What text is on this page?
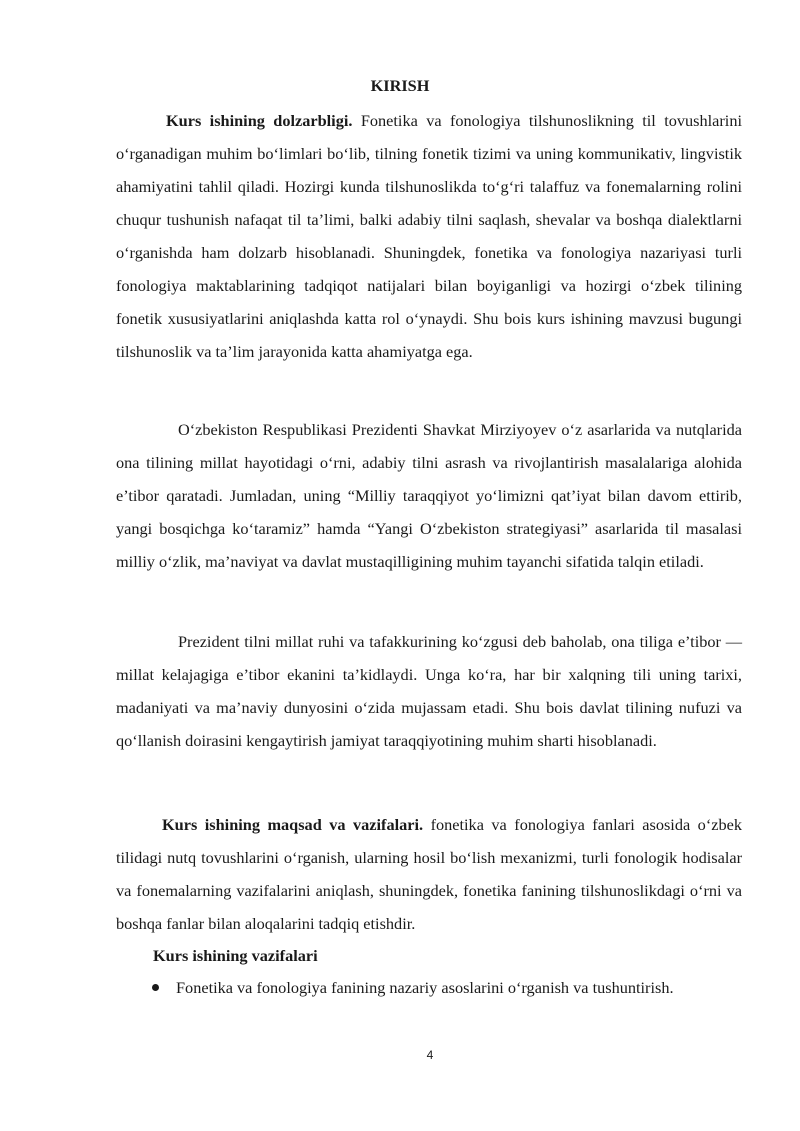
KIRISH

Kurs ishining dolzarbligi. Fonetika va fonologiya tilshunoslikning til tovushlarini o‘rganadigan muhim bo‘limlari bo‘lib, tilning fonetik tizimi va uning kommunikativ, lingvistik ahamiyatini tahlil qiladi. Hozirgi kunda tilshunoslikda to‘g‘ri talaffuz va fonemalarning rolini chuqur tushunish nafaqat til ta’limi, balki adabiy tilni saqlash, shevalar va boshqa dialektlarni o‘rganishda ham dolzarb hisoblanadi. Shuningdek, fonetika va fonologiya nazariyasi turli fonologiya maktablarining tadqiqot natijalari bilan boyiganligi va hozirgi o‘zbek tilining fonetik xususiyatlarini aniqlashda katta rol o‘ynaydi. Shu bois kurs ishining mavzusi bugungi tilshunoslik va ta’lim jarayonida katta ahamiyatga ega.

O‘zbekiston Respublikasi Prezidenti Shavkat Mirziyoyev o‘z asarlarida va nutqlarida ona tilining millat hayotidagi o‘rni, adabiy tilni asrash va rivojlantirish masalalariga alohida e’tibor qaratadi. Jumladan, uning “Milliy taraqqiyot yo‘limizni qat’iyat bilan davom ettirib, yangi bosqichga ko‘taramiz” hamda “Yangi O‘zbekiston strategiyasi” asarlarida til masalasi milliy o‘zlik, ma’naviyat va davlat mustaqilligining muhim tayanchi sifatida talqin etiladi.

Prezident tilni millat ruhi va tafakkurining ko‘zgusi deb baholab, ona tiliga e’tibor — millat kelajagiga e’tibor ekanini ta’kidlaydi. Unga ko‘ra, har bir xalqning tili uning tarixi, madaniyati va ma’naviy dunyosini o‘zida mujassam etadi. Shu bois davlat tilining nufuzi va qo‘llanish doirasini kengaytirish jamiyat taraqqiyotining muhim sharti hisoblanadi.

Kurs ishining maqsad va vazifalari. fonetika va fonologiya fanlari asosida o‘zbek tilidagi nutq tovushlarini o‘rganish, ularning hosil bo‘lish mexanizmi, turli fonologik hodisalar va fonemalarning vazifalarini aniqlash, shuningdek, fonetika fanining tilshunoslikdagi o‘rni va boshqa fanlar bilan aloqalarini tadqiq etishdir.

Kurs ishining vazifalari
Fonetika va fonologiya fanining nazariy asoslarini o‘rganish va tushuntirish.
4
